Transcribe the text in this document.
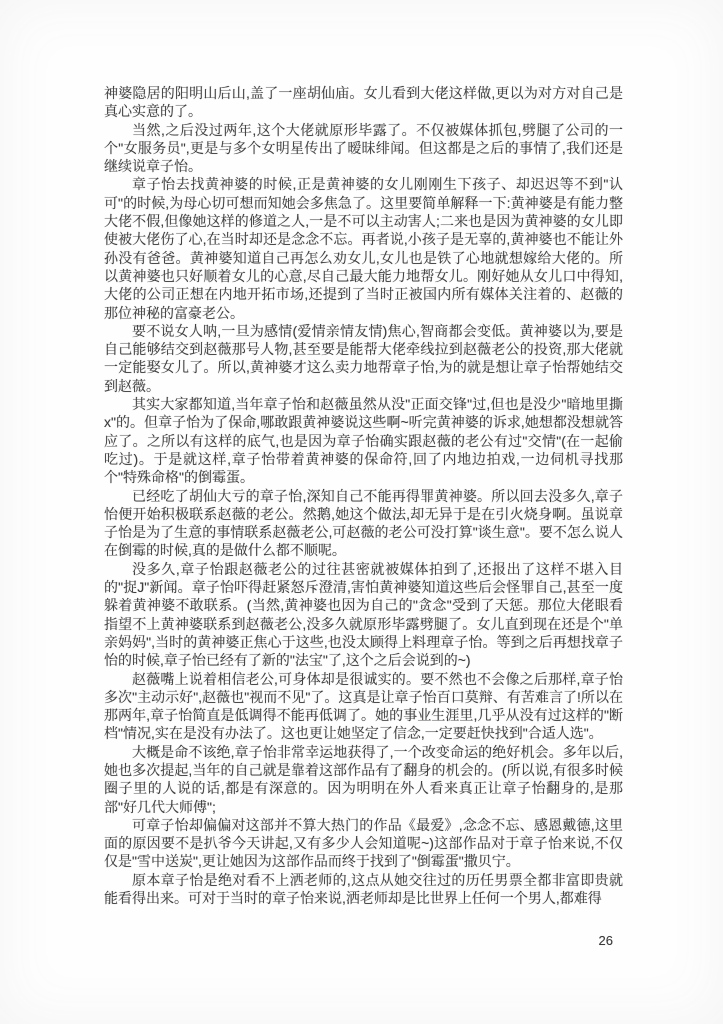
神婆隐居的阳明山后山,盖了一座胡仙庙。女儿看到大佬这样做,更以为对方对自己是真心实意的了。

当然,之后没过两年,这个大佬就原形毕露了。不仅被媒体抓包,劈腿了公司的一个"女服务员",更是与多个女明星传出了暧昧绯闻。但这都是之后的事情了,我们还是继续说章子怡。

章子怡去找黄神婆的时候,正是黄神婆的女儿刚刚生下孩子、却迟迟等不到"认可"的时候,为母心切可想而知她会多焦急了。这里要简单解释一下:黄神婆是有能力整大佬不假,但像她这样的修道之人,一是不可以主动害人;二来也是因为黄神婆的女儿即使被大佬伤了心,在当时却还是念念不忘。再者说,小孩子是无辜的,黄神婆也不能让外孙没有爸爸。黄神婆知道自己再怎么劝女儿,女儿也是铁了心地就想嫁给大佬的。所以黄神婆也只好顺着女儿的心意,尽自己最大能力地帮女儿。刚好她从女儿口中得知,大佬的公司正想在内地开拓市场,还提到了当时正被国内所有媒体关注着的、赵薇的那位神秘的富豪老公。

要不说女人呐,一旦为感情(爱情亲情友情)焦心,智商都会变低。黄神婆以为,要是自己能够结交到赵薇那号人物,甚至要是能帮大佬牵线拉到赵薇老公的投资,那大佬就一定能娶女儿了。所以,黄神婆才这么卖力地帮章子怡,为的就是想让章子怡帮她结交到赵薇。

其实大家都知道,当年章子怡和赵薇虽然从没"正面交锋"过,但也是没少"暗地里撕x"的。但章子怡为了保命,哪敢跟黄神婆说这些啊~听完黄神婆的诉求,她想都没想就答应了。之所以有这样的底气,也是因为章子怡确实跟赵薇的老公有过"交情"(在一起偷吃过)。于是就这样,章子怡带着黄神婆的保命符,回了内地边拍戏,一边伺机寻找那个"特殊命格"的倒霉蛋。

已经吃了胡仙大亏的章子怡,深知自己不能再得罪黄神婆。所以回去没多久,章子怡便开始积极联系赵薇的老公。然鹅,她这个做法,却无异于是在引火烧身啊。虽说章子怡是为了生意的事情联系赵薇老公,可赵薇的老公可没打算"谈生意"。要不怎么说人在倒霉的时候,真的是做什么都不顺呢。

没多久,章子怡跟赵薇老公的过往甚密就被媒体拍到了,还报出了这样不堪入目的"捉J"新闻。章子怡吓得赶紧怒斥澄清,害怕黄神婆知道这些后会怪罪自己,甚至一度躲着黄神婆不敢联系。(当然,黄神婆也因为自己的"贪念"受到了天惩。那位大佬眼看指望不上黄神婆联系到赵薇老公,没多久就原形毕露劈腿了。女儿直到现在还是个"单亲妈妈",当时的黄神婆正焦心于这些,也没太顾得上料理章子怡。等到之后再想找章子怡的时候,章子怡已经有了新的"法宝"了,这个之后会说到的~)

赵薇嘴上说着相信老公,可身体却是很诚实的。要不然也不会像之后那样,章子怡多次"主动示好",赵薇也"视而不见"了。这真是让章子怡百口莫辩、有苦难言了!所以在那两年,章子怡简直是低调得不能再低调了。她的事业生涯里,几乎从没有过这样的"断档"情况,实在是没有办法了。这也更让她坚定了信念,一定要赶快找到"合适人选"。

大概是命不该绝,章子怡非常幸运地获得了,一个改变命运的绝好机会。多年以后,她也多次提起,当年的自己就是靠着这部作品有了翻身的机会的。(所以说,有很多时候圈子里的人说的话,都是有深意的。因为明明在外人看来真正让章子怡翻身的,是那部"好几代大师傅";

可章子怡却偏偏对这部并不算大热门的作品《最爱》,念念不忘、感恩戴德,这里面的原因要不是扒爷今天讲起,又有多少人会知道呢~)这部作品对于章子怡来说,不仅仅是"雪中送炭",更让她因为这部作品而终于找到了"倒霉蛋"撒贝宁。

原本章子怡是绝对看不上洒老师的,这点从她交往过的历任男票全都非富即贵就能看得出来。可对于当时的章子怡来说,洒老师却是比世界上任何一个男人,都难得

26
